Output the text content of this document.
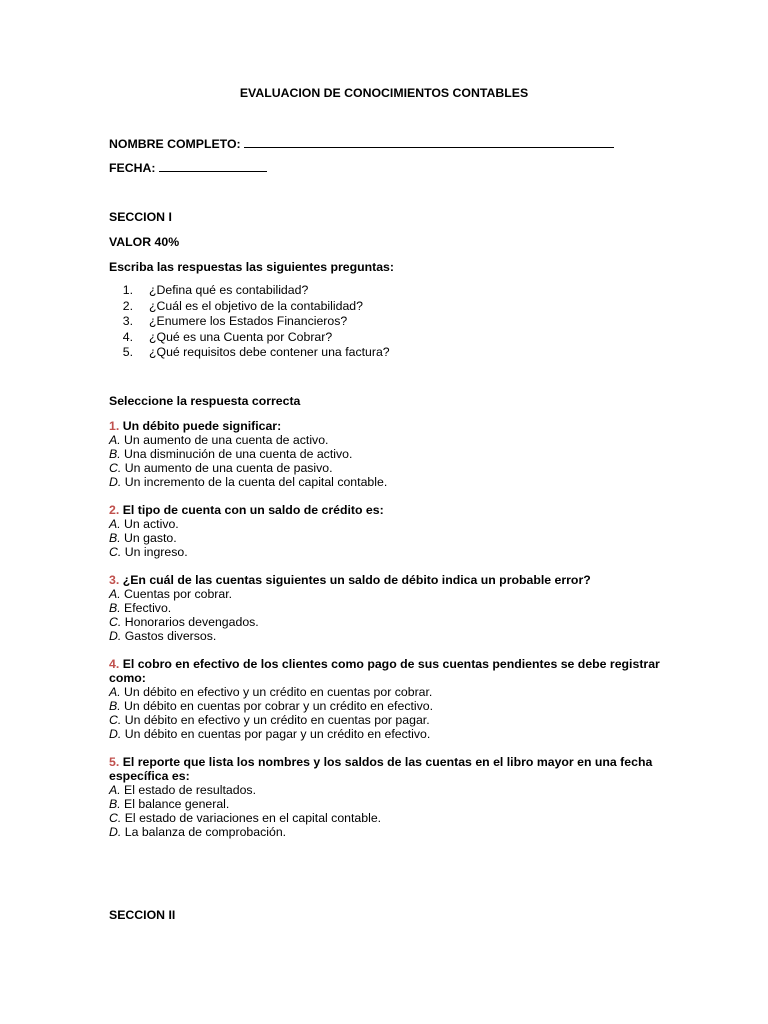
EVALUACION DE CONOCIMIENTOS CONTABLES
NOMBRE COMPLETO:
FECHA:
SECCION I
VALOR 40%
Escriba las respuestas las siguientes preguntas:
1.	¿Defina qué es contabilidad?
2.	¿Cuál es el objetivo de la contabilidad?
3.	¿Enumere los Estados Financieros?
4.	¿Qué es una Cuenta por Cobrar?
5.	¿Qué requisitos debe contener una factura?
Seleccione la respuesta correcta
1. Un débito puede significar:
A. Un aumento de una cuenta de activo.
B. Una disminución de una cuenta de activo.
C. Un aumento de una cuenta de pasivo.
D. Un incremento de la cuenta del capital contable.
2. El tipo de cuenta con un saldo de crédito es:
A. Un activo.
B. Un gasto.
C. Un ingreso.
3. ¿En cuál de las cuentas siguientes un saldo de débito indica un probable error?
A. Cuentas por cobrar.
B. Efectivo.
C. Honorarios devengados.
D. Gastos diversos.
4. El cobro en efectivo de los clientes como pago de sus cuentas pendientes se debe registrar como:
A. Un débito en efectivo y un crédito en cuentas por cobrar.
B. Un débito en cuentas por cobrar y un crédito en efectivo.
C. Un débito en efectivo y un crédito en cuentas por pagar.
D. Un débito en cuentas por pagar y un crédito en efectivo.
5. El reporte que lista los nombres y los saldos de las cuentas en el libro mayor en una fecha específica es:
A. El estado de resultados.
B. El balance general.
C. El estado de variaciones en el capital contable.
D. La balanza de comprobación.
SECCION II
